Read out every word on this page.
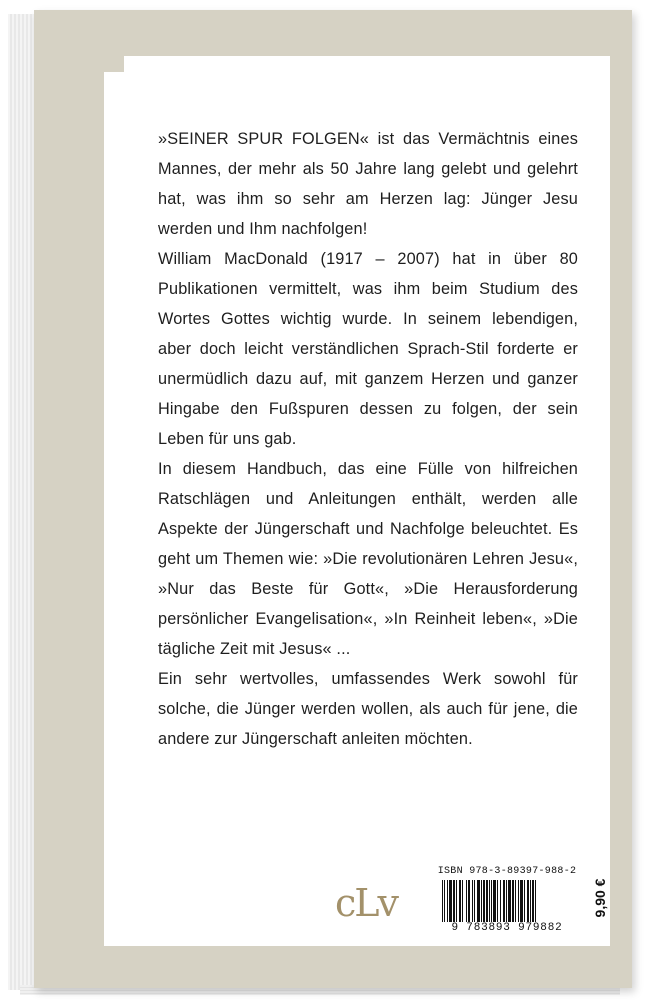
»SEINER SPUR FOLGEN« ist das Vermächtnis eines Mannes, der mehr als 50 Jahre lang gelebt und gelehrt hat, was ihm so sehr am Herzen lag: Jünger Jesu werden und Ihm nachfolgen!

William MacDonald (1917 – 2007) hat in über 80 Publikationen vermittelt, was ihm beim Studium des Wortes Gottes wichtig wurde. In seinem lebendigen, aber doch leicht verständlichen Sprach-Stil forderte er unermüdlich dazu auf, mit ganzem Herzen und ganzer Hingabe den Fußspuren dessen zu folgen, der sein Leben für uns gab.

In diesem Handbuch, das eine Fülle von hilfreichen Ratschlägen und Anleitungen enthält, werden alle Aspekte der Jüngerschaft und Nachfolge beleuchtet. Es geht um Themen wie: »Die revolutionären Lehren Jesu«, »Nur das Beste für Gott«, »Die Herausforderung persönlicher Evangelisation«, »In Reinheit leben«, »Die tägliche Zeit mit Jesus« ...

Ein sehr wertvolles, umfassendes Werk sowohl für solche, die Jünger werden wollen, als auch für jene, die andere zur Jüngerschaft anleiten möchten.

cLv
ISBN 978-3-89397-988-2
9 783893 979882
9,90 €
